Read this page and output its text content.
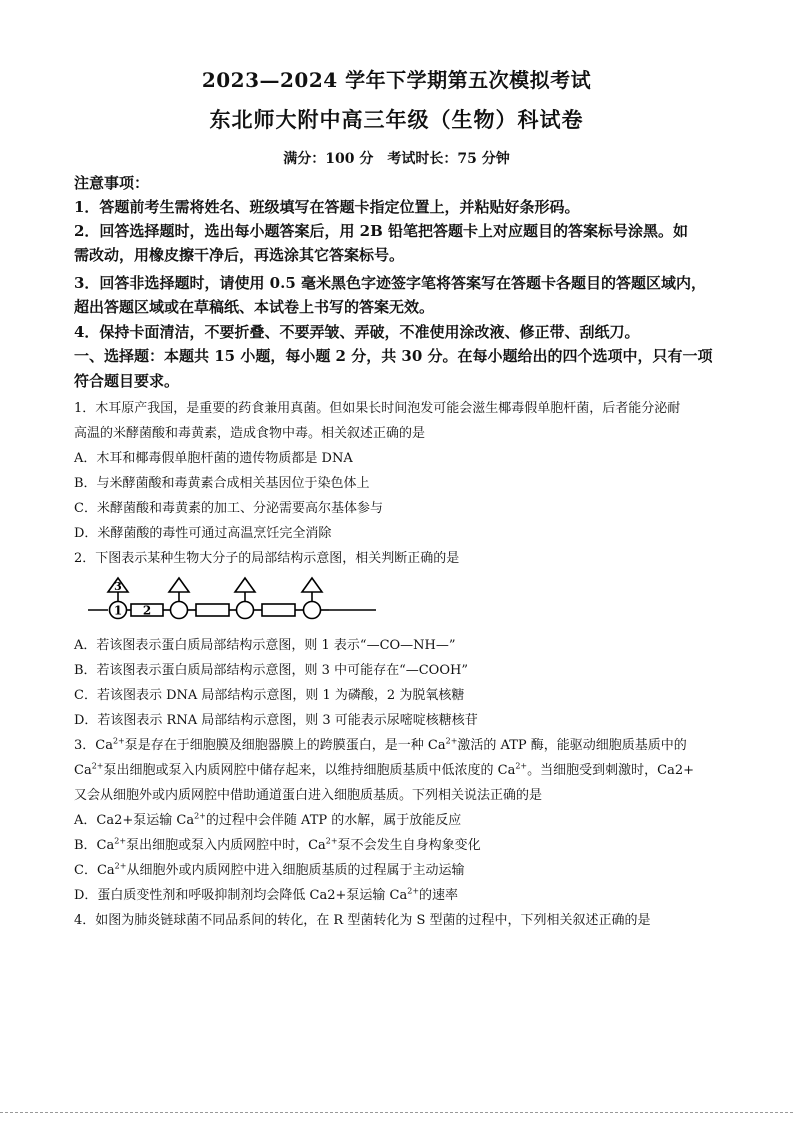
2023—2024 学年下学期第五次模拟考试
东北师大附中高三年级（生物）科试卷
满分：100 分　考试时长：75 分钟
注意事项：
1．答题前考生需将姓名、班级填写在答题卡指定位置上，并粘贴好条形码。
2．回答选择题时，选出每小题答案后，用 2B 铅笔把答题卡上对应题目的答案标号涂黑。如
需改动，用橡皮擦干净后，再选涂其它答案标号。
3．回答非选择题时，请使用 0.5 毫米黑色字迹签字笔将答案写在答题卡各题目的答题区域内，
超出答题区域或在草稿纸、本试卷上书写的答案无效。
4．保持卡面清洁，不要折叠、不要弄皱、弄破，不准使用涂改液、修正带、刮纸刀。
一、选择题：本题共 15 小题，每小题 2 分，共 30 分。在每小题给出的四个选项中，只有一项
符合题目要求。
1．木耳原产我国，是重要的药食兼用真菌。但如果长时间泡发可能会滋生椰毒假单胞杆菌，后者能分泌耐
高温的米酵菌酸和毒黄素，造成食物中毒。相关叙述正确的是
A．木耳和椰毒假单胞杆菌的遗传物质都是 DNA
B．与米酵菌酸和毒黄素合成相关基因位于染色体上
C．米酵菌酸和毒黄素的加工、分泌需要高尔基体参与
D．米酵菌酸的毒性可通过高温烹饪完全消除
2．下图表示某种生物大分子的局部结构示意图，相关判断正确的是
1 2
3
A．若该图表示蛋白质局部结构示意图，则 1 表示“—CO—NH—”
B．若该图表示蛋白质局部结构示意图，则 3 中可能存在“—COOH”
C．若该图表示 DNA 局部结构示意图，则 1 为磷酸，2 为脱氧核糖
D．若该图表示 RNA 局部结构示意图，则 3 可能表示尿嘧啶核糖核苷
3．$Ca^{2+}$泵是存在于细胞膜及细胞器膜上的跨膜蛋白，是一种 $Ca^{2+}$激活的 ATP 酶，能驱动细胞质基质中的
$Ca^{2+}$泵出细胞或泵入内质网腔中储存起来，以维持细胞质基质中低浓度的 $Ca^{2+}$。当细胞受到刺激时，Ca2+
又会从细胞外或内质网腔中借助通道蛋白进入细胞质基质。下列相关说法正确的是
A．Ca2+泵运输 $Ca^{2+}$的过程中会伴随 ATP 的水解，属于放能反应
B．$Ca^{2+}$泵出细胞或泵入内质网腔中时，$Ca^{2+}$泵不会发生自身构象变化
C．$Ca^{2+}$从细胞外或内质网腔中进入细胞质基质的过程属于主动运输
D．蛋白质变性剂和呼吸抑制剂均会降低 Ca2+泵运输 $Ca^{2+}$的速率
4．如图为肺炎链球菌不同品系间的转化，在 R 型菌转化为 S 型菌的过程中，下列相关叙述正确的是
